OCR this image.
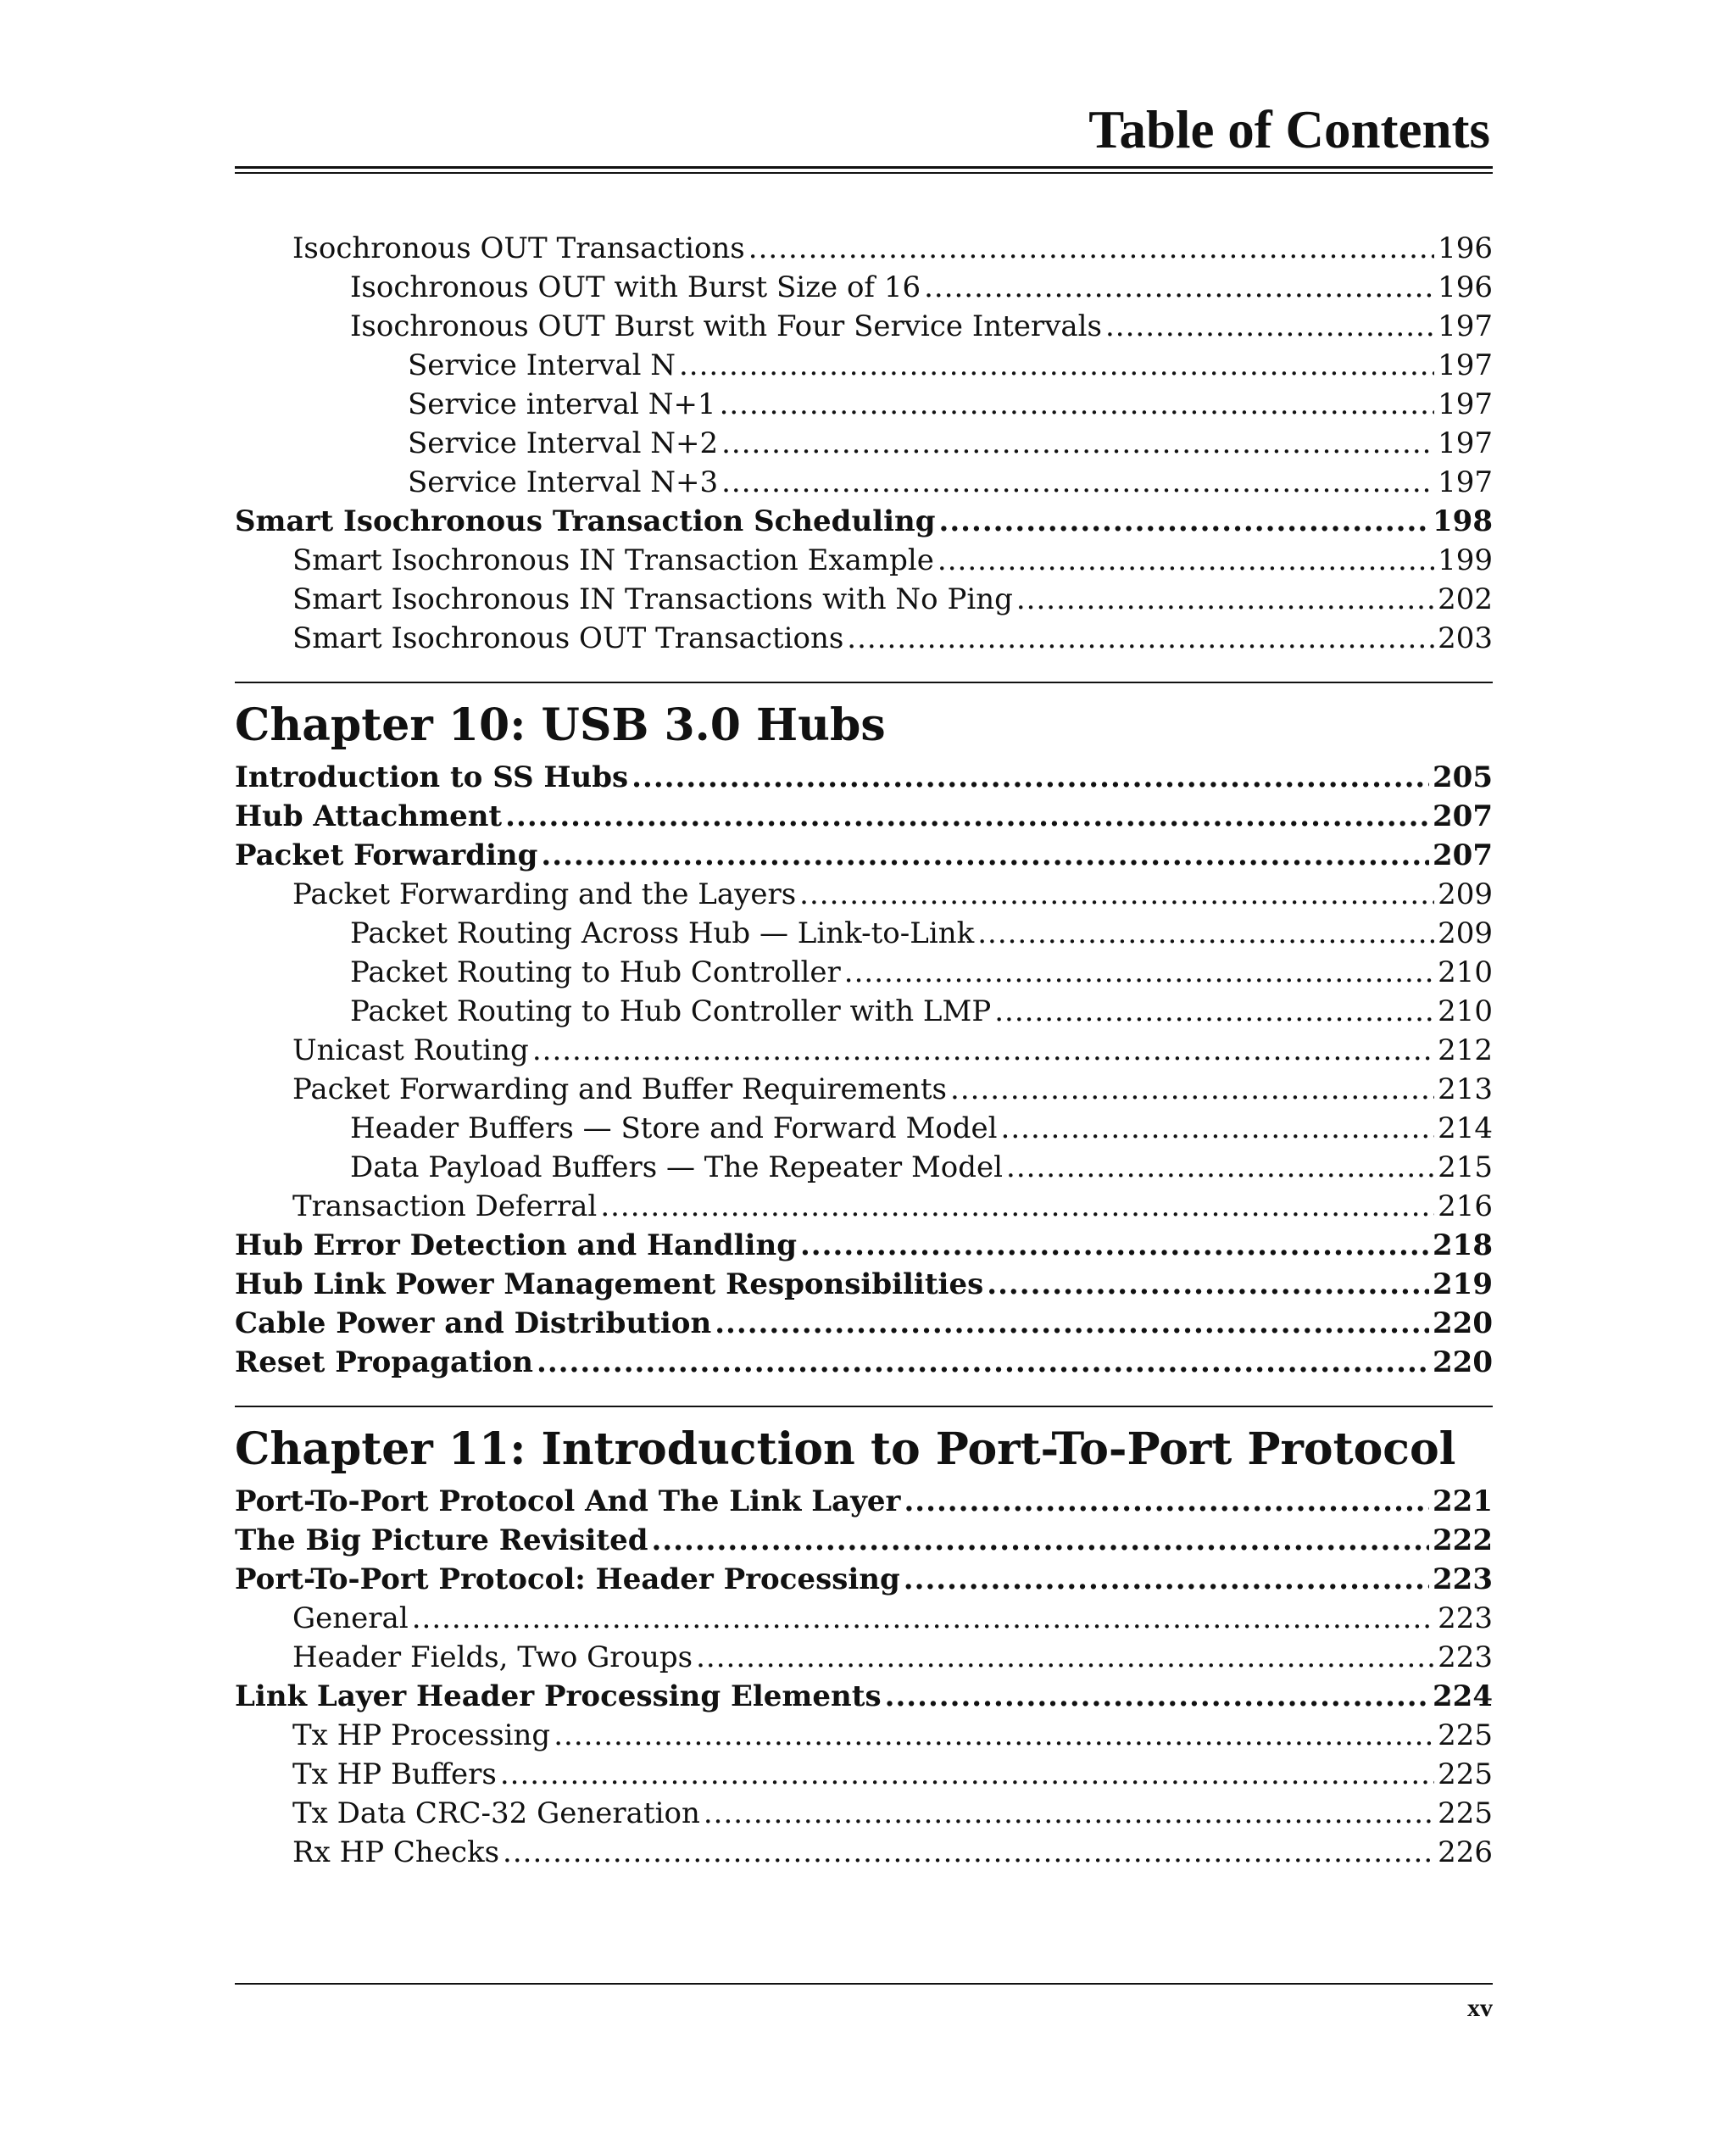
Table of Contents
Isochronous OUT Transactions .....	196
Isochronous OUT with Burst Size of 16 .....	196
Isochronous OUT Burst with Four Service Intervals .....	197
Service Interval N .....	197
Service interval N+1 .....	197
Service Interval N+2 .....	197
Service Interval N+3 .....	197
Smart Isochronous Transaction Scheduling .....	198
Smart Isochronous IN Transaction Example .....	199
Smart Isochronous IN Transactions with No Ping .....	202
Smart Isochronous OUT Transactions .....	203
Chapter 10: USB 3.0 Hubs
Introduction to SS Hubs .....	205
Hub Attachment .....	207
Packet Forwarding .....	207
Packet Forwarding and the Layers .....	209
Packet Routing Across Hub — Link-to-Link .....	209
Packet Routing to Hub Controller .....	210
Packet Routing to Hub Controller with LMP .....	210
Unicast Routing .....	212
Packet Forwarding and Buffer Requirements .....	213
Header Buffers — Store and Forward Model .....	214
Data Payload Buffers — The Repeater Model .....	215
Transaction Deferral .....	216
Hub Error Detection and Handling .....	218
Hub Link Power Management Responsibilities .....	219
Cable Power and Distribution .....	220
Reset Propagation .....	220
Chapter 11: Introduction to Port-To-Port Protocol
Port-To-Port Protocol And The Link Layer .....	221
The Big Picture Revisited .....	222
Port-To-Port Protocol: Header Processing .....	223
General .....	223
Header Fields, Two Groups .....	223
Link Layer Header Processing Elements .....	224
Tx HP Processing .....	225
Tx HP Buffers .....	225
Tx Data CRC-32 Generation .....	225
Rx HP Checks .....	226
xv
